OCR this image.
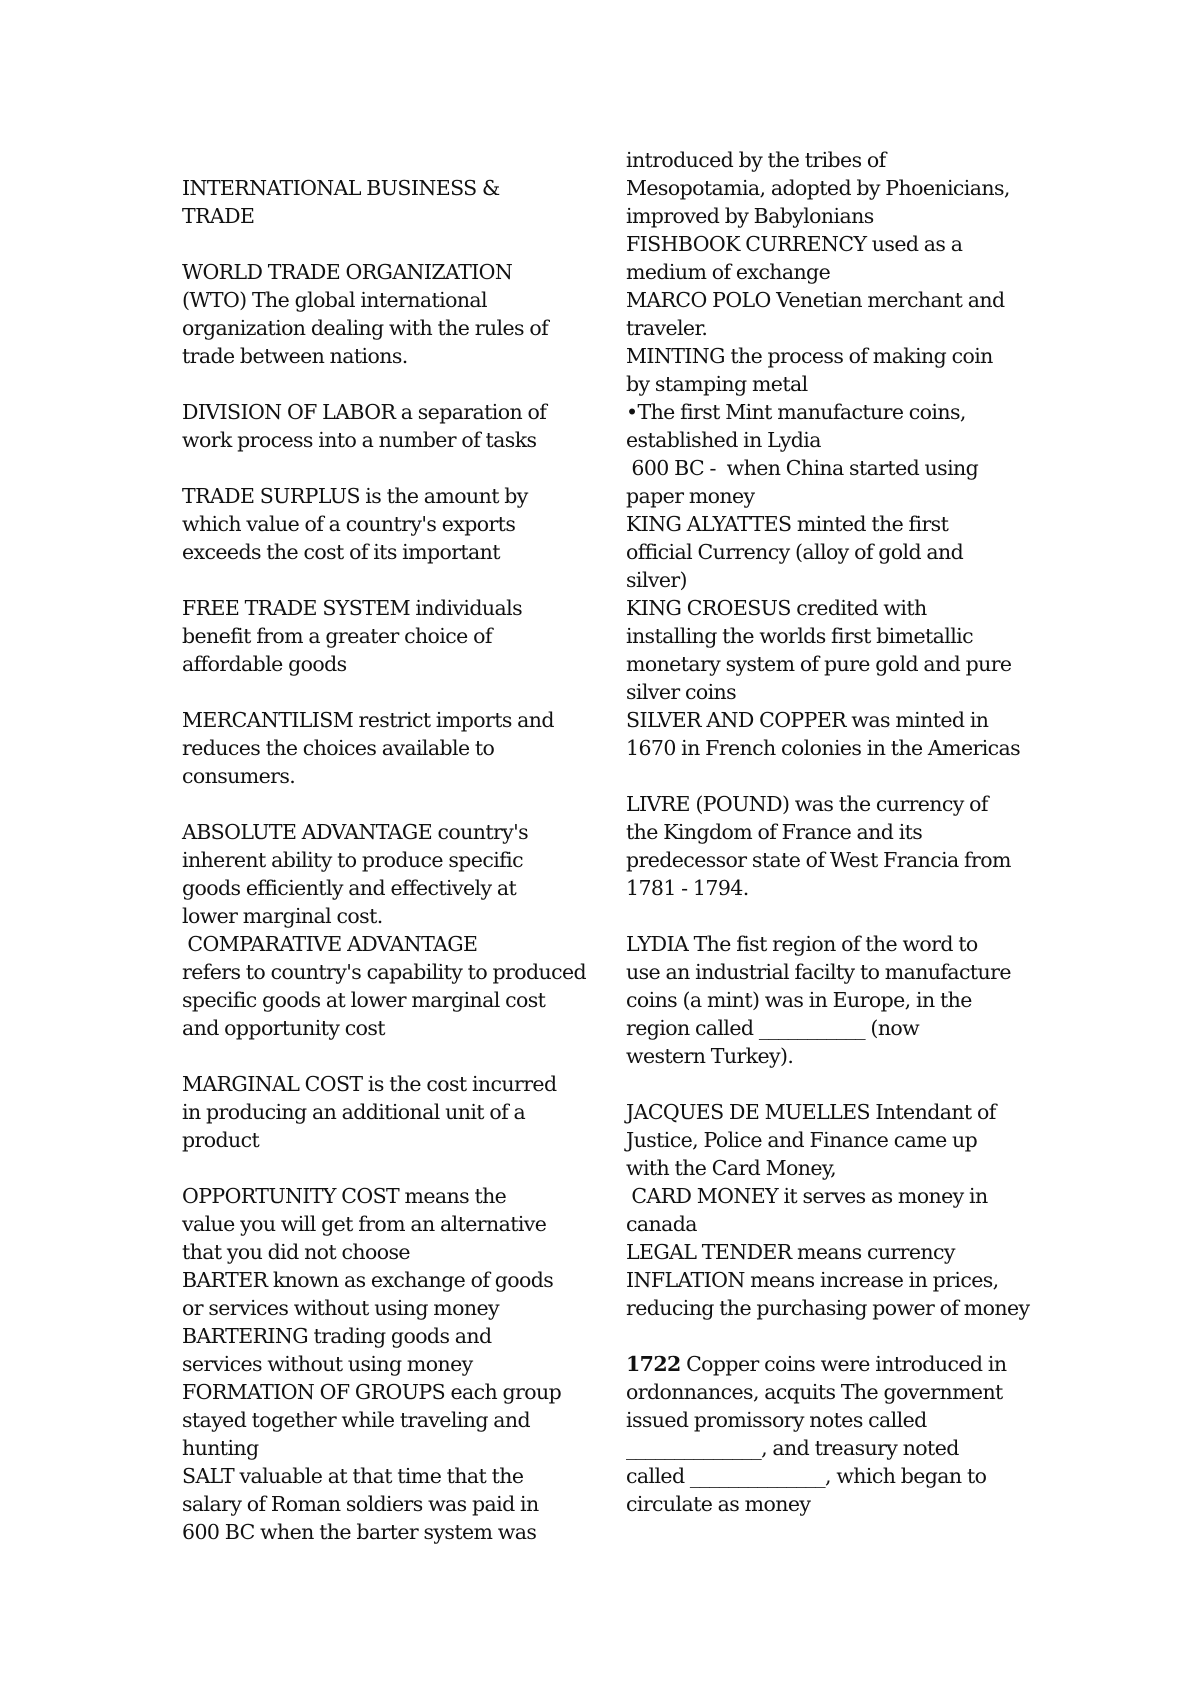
INTERNATIONAL BUSINESS &
TRADE
WORLD TRADE ORGANIZATION
(WTO) The global international
organization dealing with the rules of
trade between nations.
DIVISION OF LABOR a separation of
work process into a number of tasks
TRADE SURPLUS is the amount by
which value of a country's exports
exceeds the cost of its important
FREE TRADE SYSTEM individuals
benefit from a greater choice of
affordable goods
MERCANTILISM restrict imports and
reduces the choices available to
consumers.
ABSOLUTE ADVANTAGE country's
inherent ability to produce specific
goods efficiently and effectively at
lower marginal cost.
COMPARATIVE ADVANTAGE
refers to country's capability to produced
specific goods at lower marginal cost
and opportunity cost
MARGINAL COST is the cost incurred
in producing an additional unit of a
product
OPPORTUNITY COST means the
value you will get from an alternative
that you did not choose
BARTER known as exchange of goods
or services without using money
BARTERING trading goods and
services without using money
FORMATION OF GROUPS each group
stayed together while traveling and
hunting
SALT valuable at that time that the
salary of Roman soldiers was paid in
600 BC when the barter system was
introduced by the tribes of
Mesopotamia, adopted by Phoenicians,
improved by Babylonians
FISHBOOK CURRENCY used as a
medium of exchange
MARCO POLO Venetian merchant and
traveler.
MINTING the process of making coin
by stamping metal
•The first Mint manufacture coins,
established in Lydia
600 BC -  when China started using
paper money
KING ALYATTES minted the first
official Currency (alloy of gold and
silver)
KING CROESUS credited with
installing the worlds first bimetallic
monetary system of pure gold and pure
silver coins
SILVER AND COPPER was minted in
1670 in French colonies in the Americas
LIVRE (POUND) was the currency of
the Kingdom of France and its
predecessor state of West Francia from
1781 - 1794.
LYDIA The fist region of the word to
use an industrial facilty to manufacture
coins (a mint) was in Europe, in the
region called ___________ (now
western Turkey).
JACQUES DE MUELLES Intendant of
Justice, Police and Finance came up
with the Card Money,
CARD MONEY it serves as money in
canada
LEGAL TENDER means currency
INFLATION means increase in prices,
reducing the purchasing power of money
1722 Copper coins were introduced in
ordonnances, acquits The government
issued promissory notes called
______________, and treasury noted
called ______________, which began to
circulate as money
